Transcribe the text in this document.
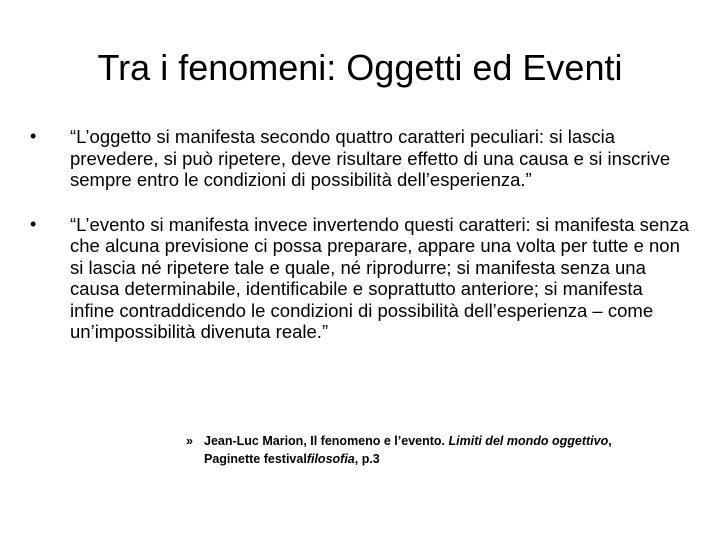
Tra i fenomeni: Oggetti ed Eventi
•	“L’oggetto si manifesta secondo quattro caratteri peculiari: si lascia prevedere, si può ripetere, deve risultare effetto di una causa e si inscrive sempre entro le condizioni di possibilità dell’esperienza.”
•	“L’evento si manifesta invece invertendo questi caratteri: si manifesta senza che alcuna previsione ci possa preparare, appare una volta per tutte e non si lascia né ripetere tale e quale, né riprodurre; si manifesta senza una causa determinabile, identificabile e soprattutto anteriore; si manifesta infine contraddicendo le condizioni di possibilità dell’esperienza – come un’impossibilità divenuta reale.”
» Jean-Luc Marion, Il fenomeno e l’evento. Limiti del mondo oggettivo,
Paginette festivalfilosofia, p.3
